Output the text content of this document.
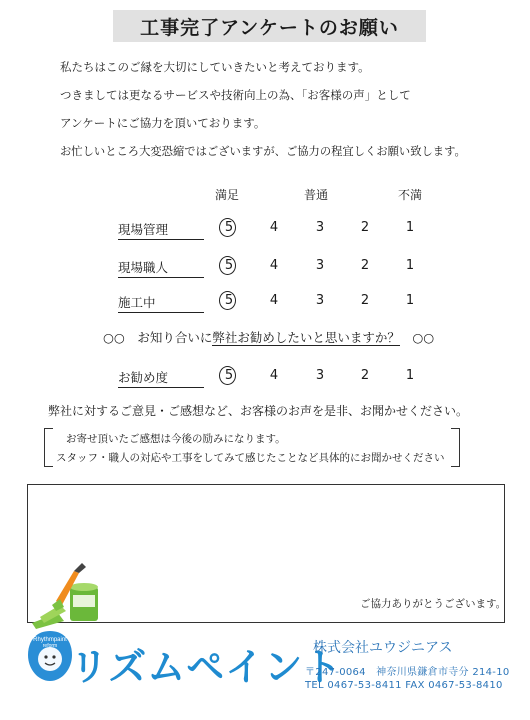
工事完了アンケートのお願い
私たちはこのご縁を大切にしていきたいと考えております。
つきましては更なるサービスや技術向上の為、「お客様の声」として
アンケートにご協力を頂いております。
お忙しいところ大変恐縮ではございますが、ご協力の程宜しくお願い致します。
満足	普通	不満
現場管理	5	4	3	2	1
現場職人	5	4	3	2	1
施工中	5	4	3	2	1
○○　お知り合いに弊社お勧めしたいと思いますか？　○○
お勧め度	5	4	3	2	1
弊社に対するご意見・ご感想など、お客様のお声を是非、お聞かせください。
お寄せ頂いたご感想は今後の励みになります。
スタッフ・職人の対応や工事をしてみて感じたことなど具体的にお聞かせください
ご協力ありがとうございます。
Rhythmpaint
reform リズムペイント
株式会社ユウジニアス
〒247-0064　神奈川県鎌倉市寺分 214-10
TEL 0467-53-8411 FAX 0467-53-8410
